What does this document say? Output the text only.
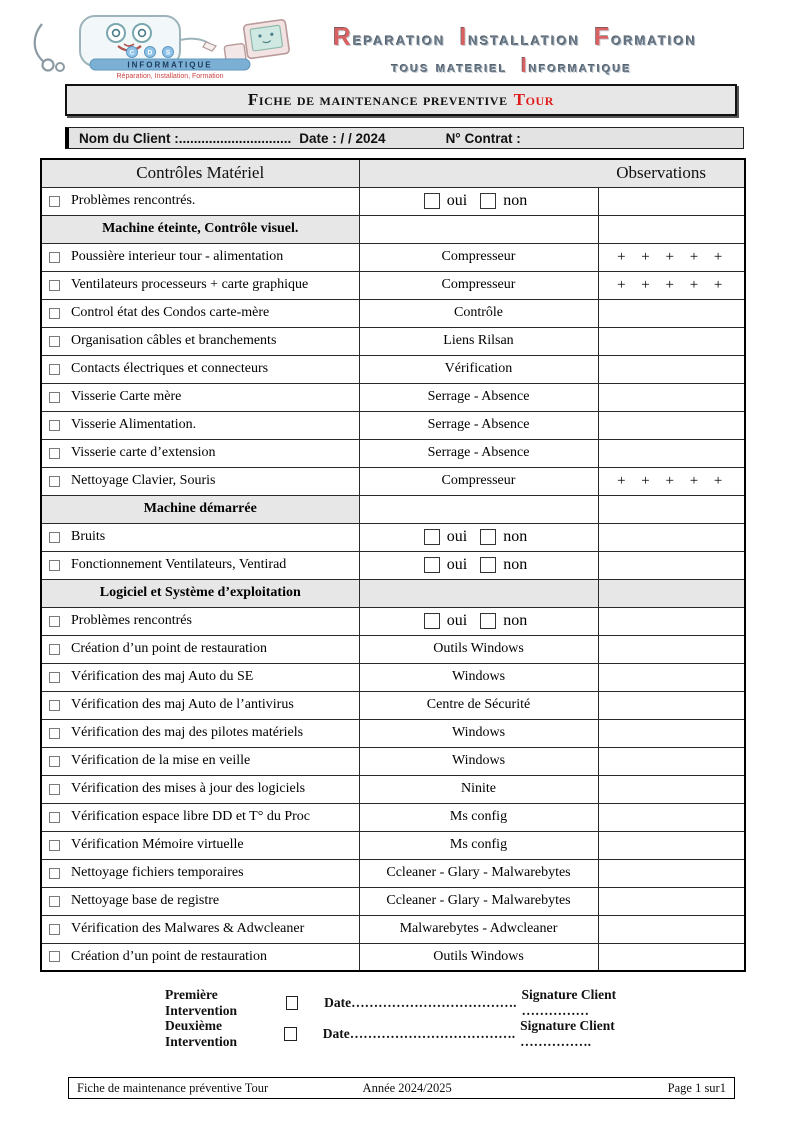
C D S
INFORMATIQUE
Réparation, Installation, Formation
Reparation Installation Formation
tous materiel Informatique
Fiche de maintenance preventive Tour
Nom du Client :.............................. Date : / / 2024	N° Contrat :
Contrôles Matériel	Observations	

Problèmes rencontrés.	oui non	

Machine éteinte, Contrôle visuel.		

Poussière interieur tour - alimentation	Compresseur	+ + + + +

Ventilateurs processeurs + carte graphique	Compresseur	+ + + + +

Control état des Condos carte-mère	Contrôle	

Organisation câbles et branchements	Liens Rilsan	

Contacts électriques et connecteurs	Vérification	

Visserie Carte mère	Serrage - Absence	

Visserie Alimentation.	Serrage - Absence	

Visserie carte d’extension	Serrage - Absence	

Nettoyage Clavier, Souris	Compresseur	+ + + + +
Machine démarrée		

Bruits	oui non	

Fonctionnement Ventilateurs, Ventirad	oui non	

Logiciel et Système d’exploitation		

Problèmes rencontrés	oui non	

Création d’un point de restauration	Outils Windows	

Vérification des maj Auto du SE	Windows	

Vérification des maj Auto de l’antivirus	Centre de Sécurité	

Vérification des maj des pilotes matériels	Windows	

Vérification de la mise en veille	Windows	

Vérification des mises à jour des logiciels	Ninite	

Vérification espace libre DD et T° du Proc	Ms config	

Vérification Mémoire virtuelle	Ms config	

Nettoyage fichiers temporaires	Ccleaner - Glary - Malwarebytes	

Nettoyage base de registre	Ccleaner - Glary - Malwarebytes	

Vérification des Malwares & Adwcleaner	Malwarebytes - Adwcleaner	

Création d’un point de restauration	Outils Windows	
Première Intervention
Date……………………………….
Signature Client ……………
Deuxième Intervention
Date……………………………….
Signature Client …………….
Fiche de maintenance préventive Tour	Année 2024/2025	Page 1 sur1
